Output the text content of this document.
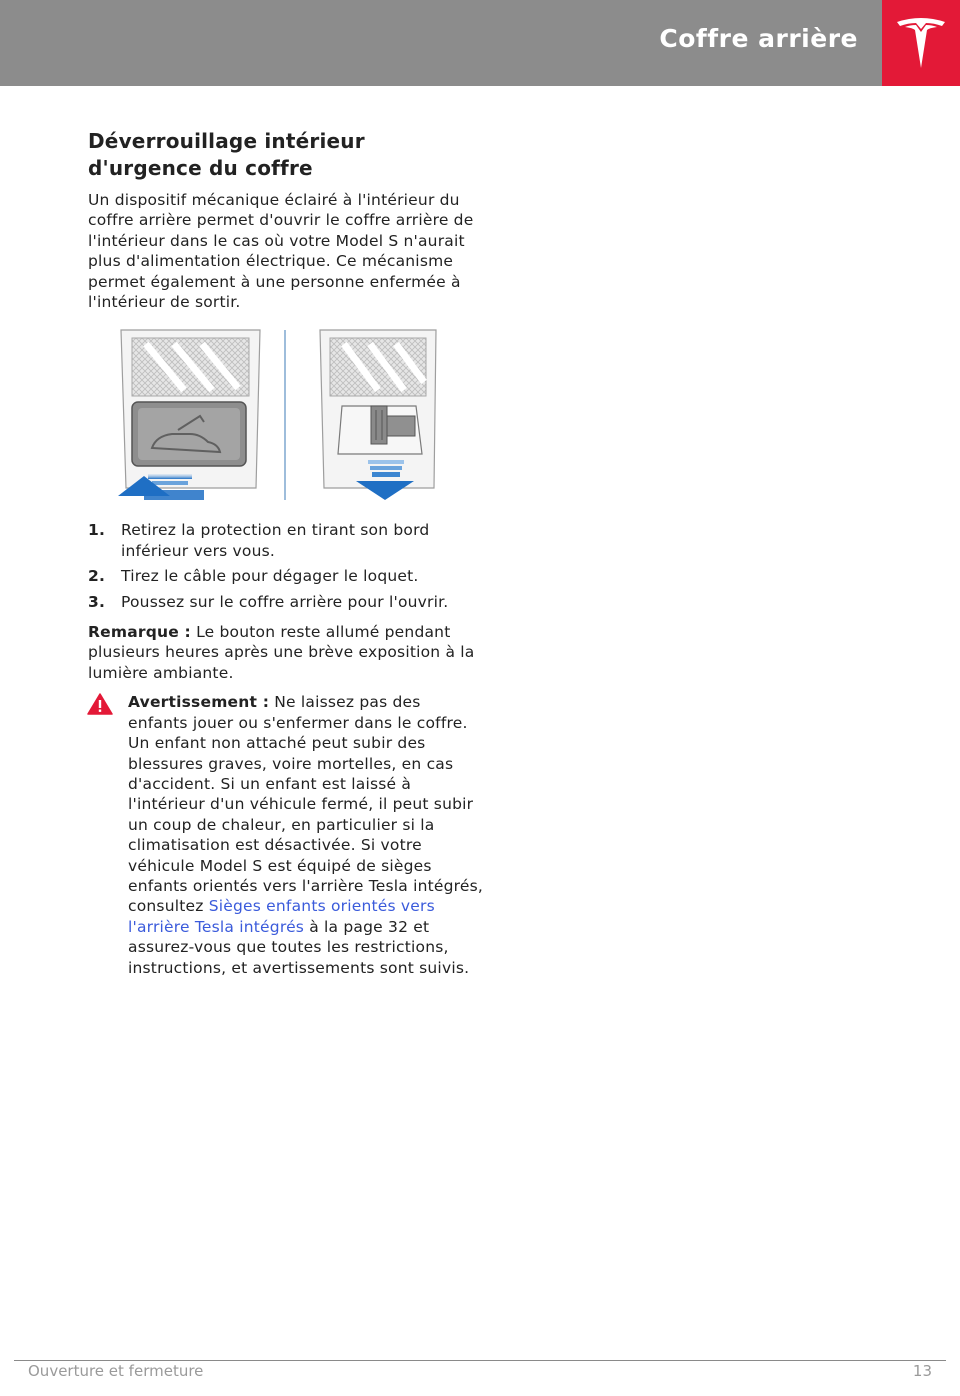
Coffre arrière
Déverrouillage intérieur d'urgence du coffre

Un dispositif mécanique éclairé à l'intérieur du coffre arrière permet d'ouvrir le coffre arrière de l'intérieur dans le cas où votre Model S n'aurait plus d'alimentation électrique. Ce mécanisme permet également à une personne enfermée à l'intérieur de sortir.

1. Retirez la protection en tirant son bord inférieur vers vous.
2. Tirez le câble pour dégager le loquet.
3. Poussez sur le coffre arrière pour l'ouvrir.

Remarque : Le bouton reste allumé pendant plusieurs heures après une brève exposition à la lumière ambiante.

Avertissement : Ne laissez pas des enfants jouer ou s'enfermer dans le coffre. Un enfant non attaché peut subir des blessures graves, voire mortelles, en cas d'accident. Si un enfant est laissé à l'intérieur d'un véhicule fermé, il peut subir un coup de chaleur, en particulier si la climatisation est désactivée. Si votre véhicule Model S est équipé de sièges enfants orientés vers l'arrière Tesla intégrés, consultez Sièges enfants orientés vers l'arrière Tesla intégrés à la page 32 et assurez-vous que toutes les restrictions, instructions, et avertissements sont suivis.
Ouverture et fermeture	13
